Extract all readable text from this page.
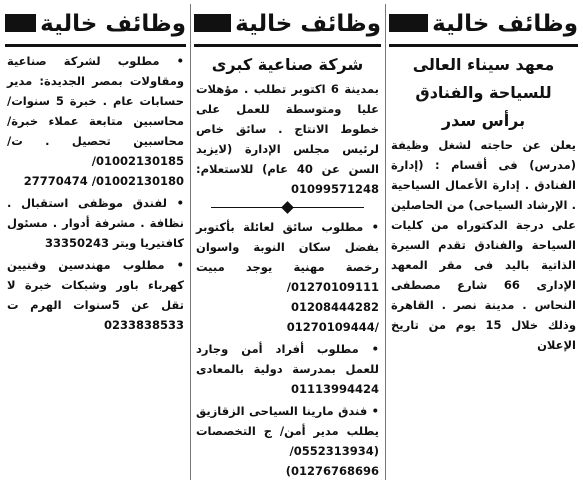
وظائف خالية
معهد سيناء العالى
للسياحة والفنادق
برأس سدر
يعلن عن حاجته لشغل وظيفة (مدرس) فى أقسام : (إدارة الفنادق . إدارة الأعمال السياحية . الإرشاد السياحى) من الحاصلين على درجة الدكتوراه من كليات السياحة والفنادق تقدم السيرة الذاتية باليد فى مقر المعهد الإدارى 66 شارع مصطفى النحاس . مدينة نصر . القاهرة وذلك خلال 15 يوم من تاريخ الإعلان
وظائف خالية
شركة صناعية كبرى
بمدينة 6 اكتوبر تطلب . مؤهلات عليا ومتوسطة للعمل على خطوط الانتاج . سائق خاص لرئيس مجلس الإدارة (لايزيد السن عن 40 عام) للاستعلام: 01099571248
• مطلوب سائق لعائلة بأكتوبر بفضل سكان النوبة واسوان رخصة مهنية يوجد مبيت 01270109111/ 01208444282 /01270109444
• مطلوب أفراد أمن وجارد للعمل بمدرسة دولية بالمعادى 01113994424
• فندق مارينا السياحى الزقازيق يطلب مدير أمن/ ج التخصصات (0552313934/ 01276768696)
وظائف خالية
• مطلوب لشركة صناعية ومقاولات بمصر الجديدة: مدير حسابات عام . خبرة 5 سنوات/ محاسبين متابعة عملاء خبرة/ محاسبين تحصيل . ت/ 01002130185/ 01002130180/ 27770474
• لفندق موظفى استقبال . نظافة . مشرفة أدوار . مسئول كافتيريا ويتر 33350243
• مطلوب مهندسين وفنيين كهرباء باور وشبكات خبرة لا تقل عن 5سنوات الهرم ت 0233838533
